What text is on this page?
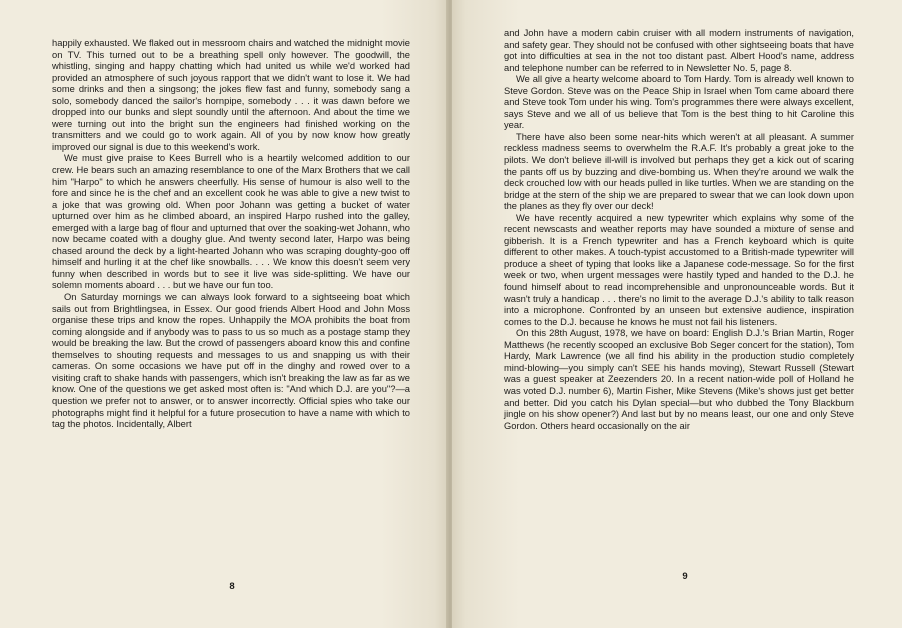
happily exhausted. We flaked out in messroom chairs and watched the midnight movie on TV. This turned out to be a breathing spell only however. The goodwill, the whistling, singing and happy chatting which had united us while we'd worked had provided an atmosphere of such joyous rapport that we didn't want to lose it. We had some drinks and then a singsong; the jokes flew fast and funny, somebody sang a solo, somebody danced the sailor's hornpipe, somebody . . . it was dawn before we dropped into our bunks and slept soundly until the afternoon. And about the time we were turning out into the bright sun the engineers had finished working on the transmitters and we could go to work again. All of you by now know how greatly improved our signal is due to this weekend's work.

We must give praise to Kees Burrell who is a heartily welcomed addition to our crew. He bears such an amazing resemblance to one of the Marx Brothers that we call him "Harpo" to which he answers cheerfully. His sense of humour is also well to the fore and since he is the chef and an excellent cook he was able to give a new twist to a joke that was growing old. When poor Johann was getting a bucket of water upturned over him as he climbed aboard, an inspired Harpo rushed into the galley, emerged with a large bag of flour and upturned that over the soaking-wet Johann, who now became coated with a doughy glue. And twenty second later, Harpo was being chased around the deck by a light-hearted Johann who was scraping doughty-goo off himself and hurling it at the chef like snowballs. . . . We know this doesn't seem very funny when described in words but to see it live was side-splitting. We have our solemn moments aboard . . . but we have our fun too.

On Saturday mornings we can always look forward to a sightseeing boat which sails out from Brightlingsea, in Essex. Our good friends Albert Hood and John Moss organise these trips and know the ropes. Unhappily the MOA prohibits the boat from coming alongside and if anybody was to pass to us so much as a postage stamp they would be breaking the law. But the crowd of passengers aboard know this and confine themselves to shouting requests and messages to us and snapping us with their cameras. On some occasions we have put off in the dinghy and rowed over to a visiting craft to shake hands with passengers, which isn't breaking the law as far as we know. One of the questions we get asked most often is: "And which D.J. are you"?—a question we prefer not to answer, or to answer incorrectly. Official spies who take our photographs might find it helpful for a future prosecution to have a name with which to tag the photos. Incidentally, Albert

8

and John have a modern cabin cruiser with all modern instruments of navigation, and safety gear. They should not be confused with other sightseeing boats that have got into difficulties at sea in the not too distant past. Albert Hood's name, address and telephone number can be referred to in Newsletter No. 5, page 8.

We all give a hearty welcome aboard to Tom Hardy. Tom is already well known to Steve Gordon. Steve was on the Peace Ship in Israel when Tom came aboard there and Steve took Tom under his wing. Tom's programmes there were always excellent, says Steve and we all of us believe that Tom is the best thing to hit Caroline this year.

There have also been some near-hits which weren't at all pleasant. A summer reckless madness seems to overwhelm the R.A.F. It's probably a great joke to the pilots. We don't believe ill-will is involved but perhaps they get a kick out of scaring the pants off us by buzzing and dive-bombing us. When they're around we walk the deck crouched low with our heads pulled in like turtles. When we are standing on the bridge at the stern of the ship we are prepared to swear that we can look down upon the planes as they fly over our deck!

We have recently acquired a new typewriter which explains why some of the recent newscasts and weather reports may have sounded a mixture of sense and gibberish. It is a French typewriter and has a French keyboard which is quite different to other makes. A touch-typist accustomed to a British-made typewriter will produce a sheet of typing that looks like a Japanese code-message. So for the first week or two, when urgent messages were hastily typed and handed to the D.J. he found himself about to read incomprehensible and unpronounceable words. But it wasn't truly a handicap . . . there's no limit to the average D.J.'s ability to talk reason into a microphone. Confronted by an unseen but extensive audience, inspiration comes to the D.J. because he knows he must not fail his listeners.

On this 28th August, 1978, we have on board: English D.J.'s Brian Martin, Roger Matthews (he recently scooped an exclusive Bob Seger concert for the station), Tom Hardy, Mark Lawrence (we all find his ability in the production studio completely mind-blowing—you simply can't SEE his hands moving), Stewart Russell (Stewart was a guest speaker at Zeezenders 20. In a recent nation-wide poll of Holland he was voted D.J. number 6), Martin Fisher, Mike Stevens (Mike's shows just get better and better. Did you catch his Dylan special—but who dubbed the Tony Blackburn jingle on his show opener?) And last but by no means least, our one and only Steve Gordon. Others heard occasionally on the air

9
